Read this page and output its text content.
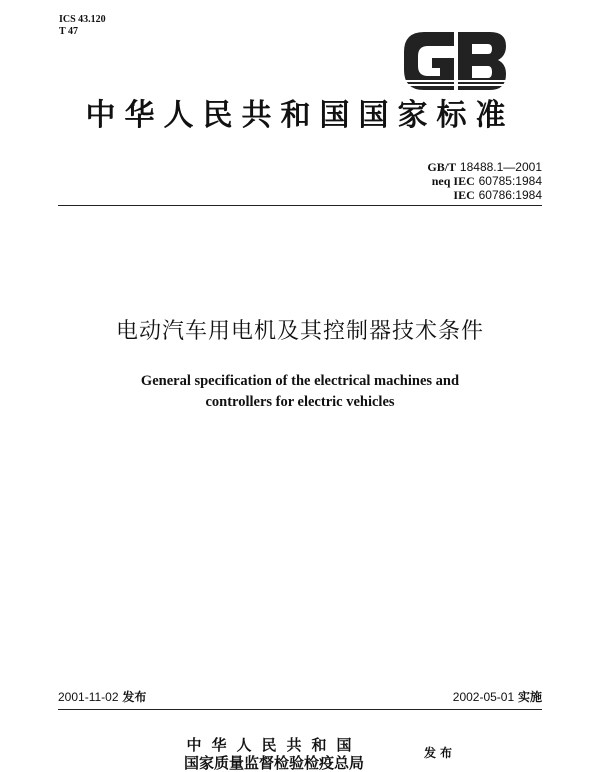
ICS 43.120
T 47
中华人民共和国国家标准
GB/T 18488.1—2001
neq IEC 60785:1984
IEC 60786:1984
电动汽车用电机及其控制器技术条件
General specification of the electrical machines and
controllers for electric vehicles
2001-11-02 发布	2002-05-01 实施
中华人民共和国
国家质量监督检验检疫总局
发布
